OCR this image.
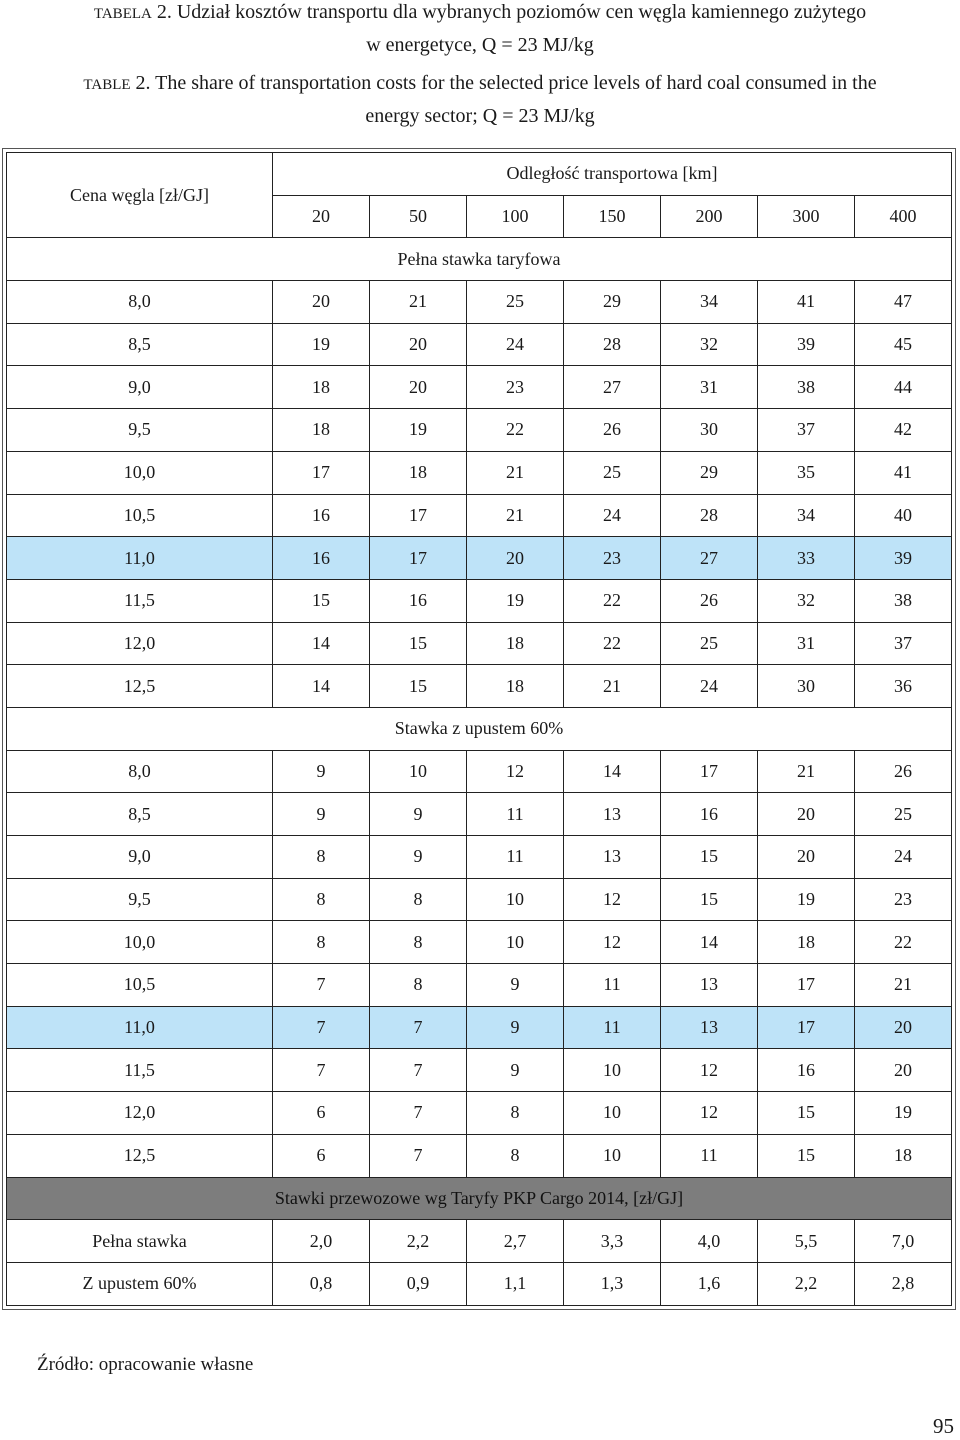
TABELA 2. Udział kosztów transportu dla wybranych poziomów cen węgla kamiennego zużytego
w energetyce, Q = 23 MJ/kg
TABLE 2. The share of transportation costs for the selected price levels of hard coal consumed in the
energy sector; Q = 23 MJ/kg
Cena węgla [zł/GJ]	Odległość transportowa [km]						
	20	50	100	150	200	300	400
Pełna stawka taryfowa							
8,0	20	21	25	29	34	41	47
8,5	19	20	24	28	32	39	45
9,0	18	20	23	27	31	38	44
9,5	18	19	22	26	30	37	42
10,0	17	18	21	25	29	35	41
10,5	16	17	21	24	28	34	40
11,0	16	17	20	23	27	33	39
11,5	15	16	19	22	26	32	38
12,0	14	15	18	22	25	31	37
12,5	14	15	18	21	24	30	36
Stawka z upustem 60%							
8,0	9	10	12	14	17	21	26
8,5	9	9	11	13	16	20	25
9,0	8	9	11	13	15	20	24
9,5	8	8	10	12	15	19	23
10,0	8	8	10	12	14	18	22
10,5	7	8	9	11	13	17	21
11,0	7	7	9	11	13	17	20
11,5	7	7	9	10	12	16	20
12,0	6	7	8	10	12	15	19
12,5	6	7	8	10	11	15	18
Stawki przewozowe wg Taryfy PKP Cargo 2014, [zł/GJ]							
Pełna stawka	2,0	2,2	2,7	3,3	4,0	5,5	7,0
Z upustem 60%	0,8	0,9	1,1	1,3	1,6	2,2	2,8
Źródło: opracowanie własne
95
